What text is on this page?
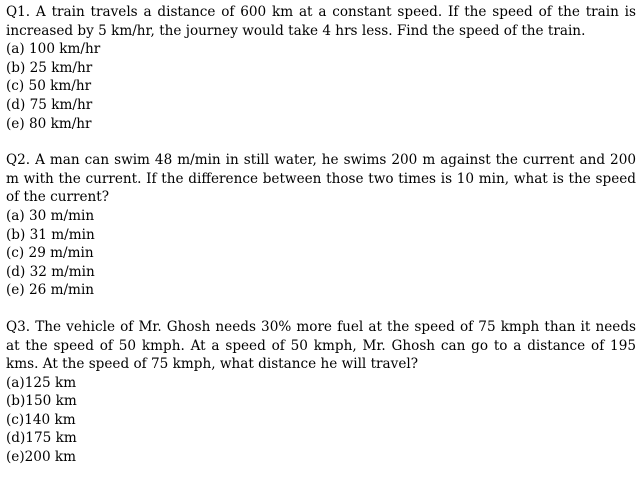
Q1. A train travels a distance of 600 km at a constant speed. If the speed of the train is increased by 5 km/hr, the journey would take 4 hrs less. Find the speed of the train.

(a) 100 km/hr
(b) 25 km/hr
(c) 50 km/hr
(d) 75 km/hr
(e) 80 km/hr

Q2. A man can swim 48 m/min in still water, he swims 200 m against the current and 200 m with the current. If the difference between those two times is 10 min, what is the speed of the current?

(a) 30 m/min
(b) 31 m/min
(c) 29 m/min
(d) 32 m/min
(e) 26 m/min

Q3. The vehicle of Mr. Ghosh needs 30% more fuel at the speed of 75 kmph than it needs at the speed of 50 kmph. At a speed of 50 kmph, Mr. Ghosh can go to a distance of 195 kms. At the speed of 75 kmph, what distance he will travel?

(a)125 km
(b)150 km
(c)140 km
(d)175 km
(e)200 km
